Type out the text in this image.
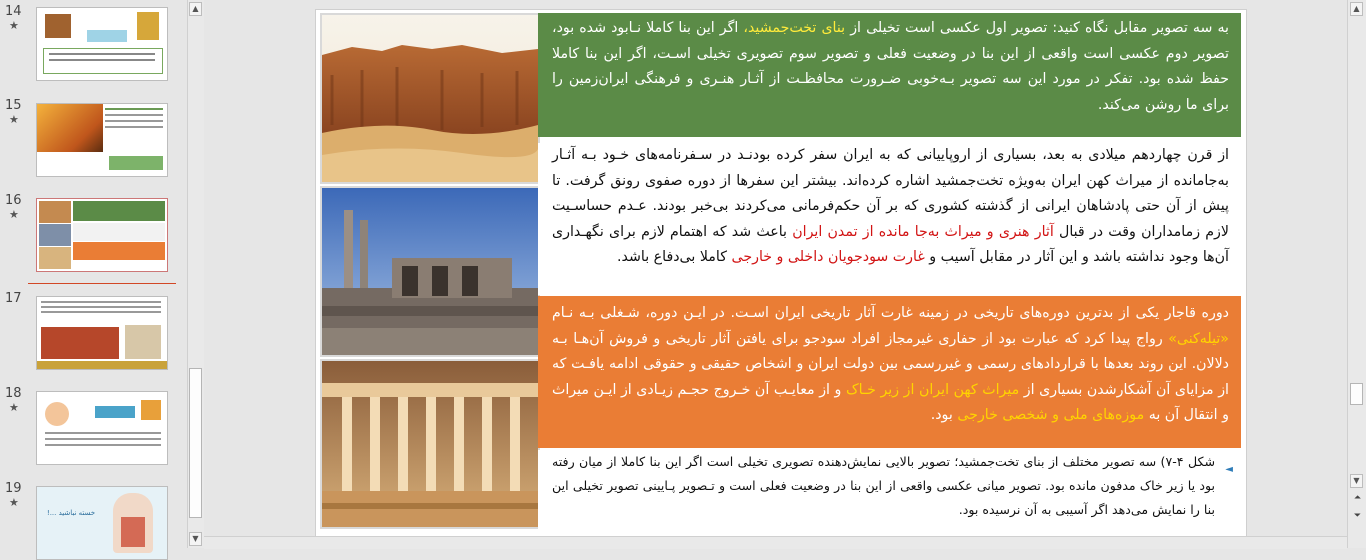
14
★
15
★
16
★
17
18
★
19
★
خسته نباشید ...!
▲
▼
به سه تصویر مقابل نگاه کنید: تصویر اول عکسی است تخیلی از بنای تخت‌جمشید، اگر این بنا کاملا نـابود شده بود، تصویر دوم عکسی است واقعی از این بنا در وضعیت فعلی و تصویر سوم تصویری تخیلی اسـت، اگر این بنا کاملا حفظ شده بود. تفکر در مورد این سه تصویر بـه‌خوبی ضـرورت محافظـت از آثـار هنـری و فرهنگی ایران‌زمین را برای ما روشن می‌کند.
از قرن چهاردهم میلادی به بعد، بسیاری از اروپاییانی که به ایران سفر کرده بودنـد در سـفرنامه‌های خـود بـه آثـار به‌جامانده از میراث کهن ایران به‌ویژه تخت‌جمشید اشاره کرده‌اند. بیشتر این سفرها از دوره صفوی رونق گرفت. تا پیش از آن حتی پادشاهان ایرانی از گذشته کشوری که بر آن حکم‌فرمانی می‌کردند بی‌خبر بودند. عـدم حساسـیت لازم زمامداران وقت در قبال آثار هنری و میراث به‌جا مانده از تمدن ایران باعث شد که اهتمام لازم برای نگهـداری آن‌ها وجود نداشته باشد و این آثار در مقابل آسیب و غارت سودجویان داخلی و خارجی کاملا بی‌دفاع باشد.
دوره قاجار یکی از بدترین دوره‌های تاریخی در زمینه غارت آثار تاریخی ایران اسـت. در ایـن دوره، شـغلی بـه نـام «تیله‌کنی» رواج پیدا کرد که عبارت بود از حفاری غیرمجاز افراد سودجو برای یافتن آثار تاریخی و فروش آن‌هـا بـه دلالان. این روند بعدها با قراردادهای رسمی و غیررسمی بین دولت ایران و اشخاص حقیقی و حقوقی ادامه یافـت که از مزایای آن آشکارشدن بسیاری از میراث کهن ایران از زیر خـاک و از معایـب آن خـروج حجـم زیـادی از ایـن میراث و انتقال آن به موزه‌های ملی و شخصی خارجی بود.
◄
شکل ۴-۷) سه تصویر مختلف از بنای تخت‌جمشید؛ تصویر بالایی نمایش‌دهنده تصویری تخیلی است اگر این بنا کاملا از میان رفته بود یا زیر خاک مدفون مانده بود. تصویر میانی عکسی واقعی از این بنا در وضعیت فعلی است و تـصویر پـایینی تصویر تخیلی این بنا را نمایش می‌دهد اگر آسیبی به آن نرسیده بود.
▲
▼
⏶

⏷
